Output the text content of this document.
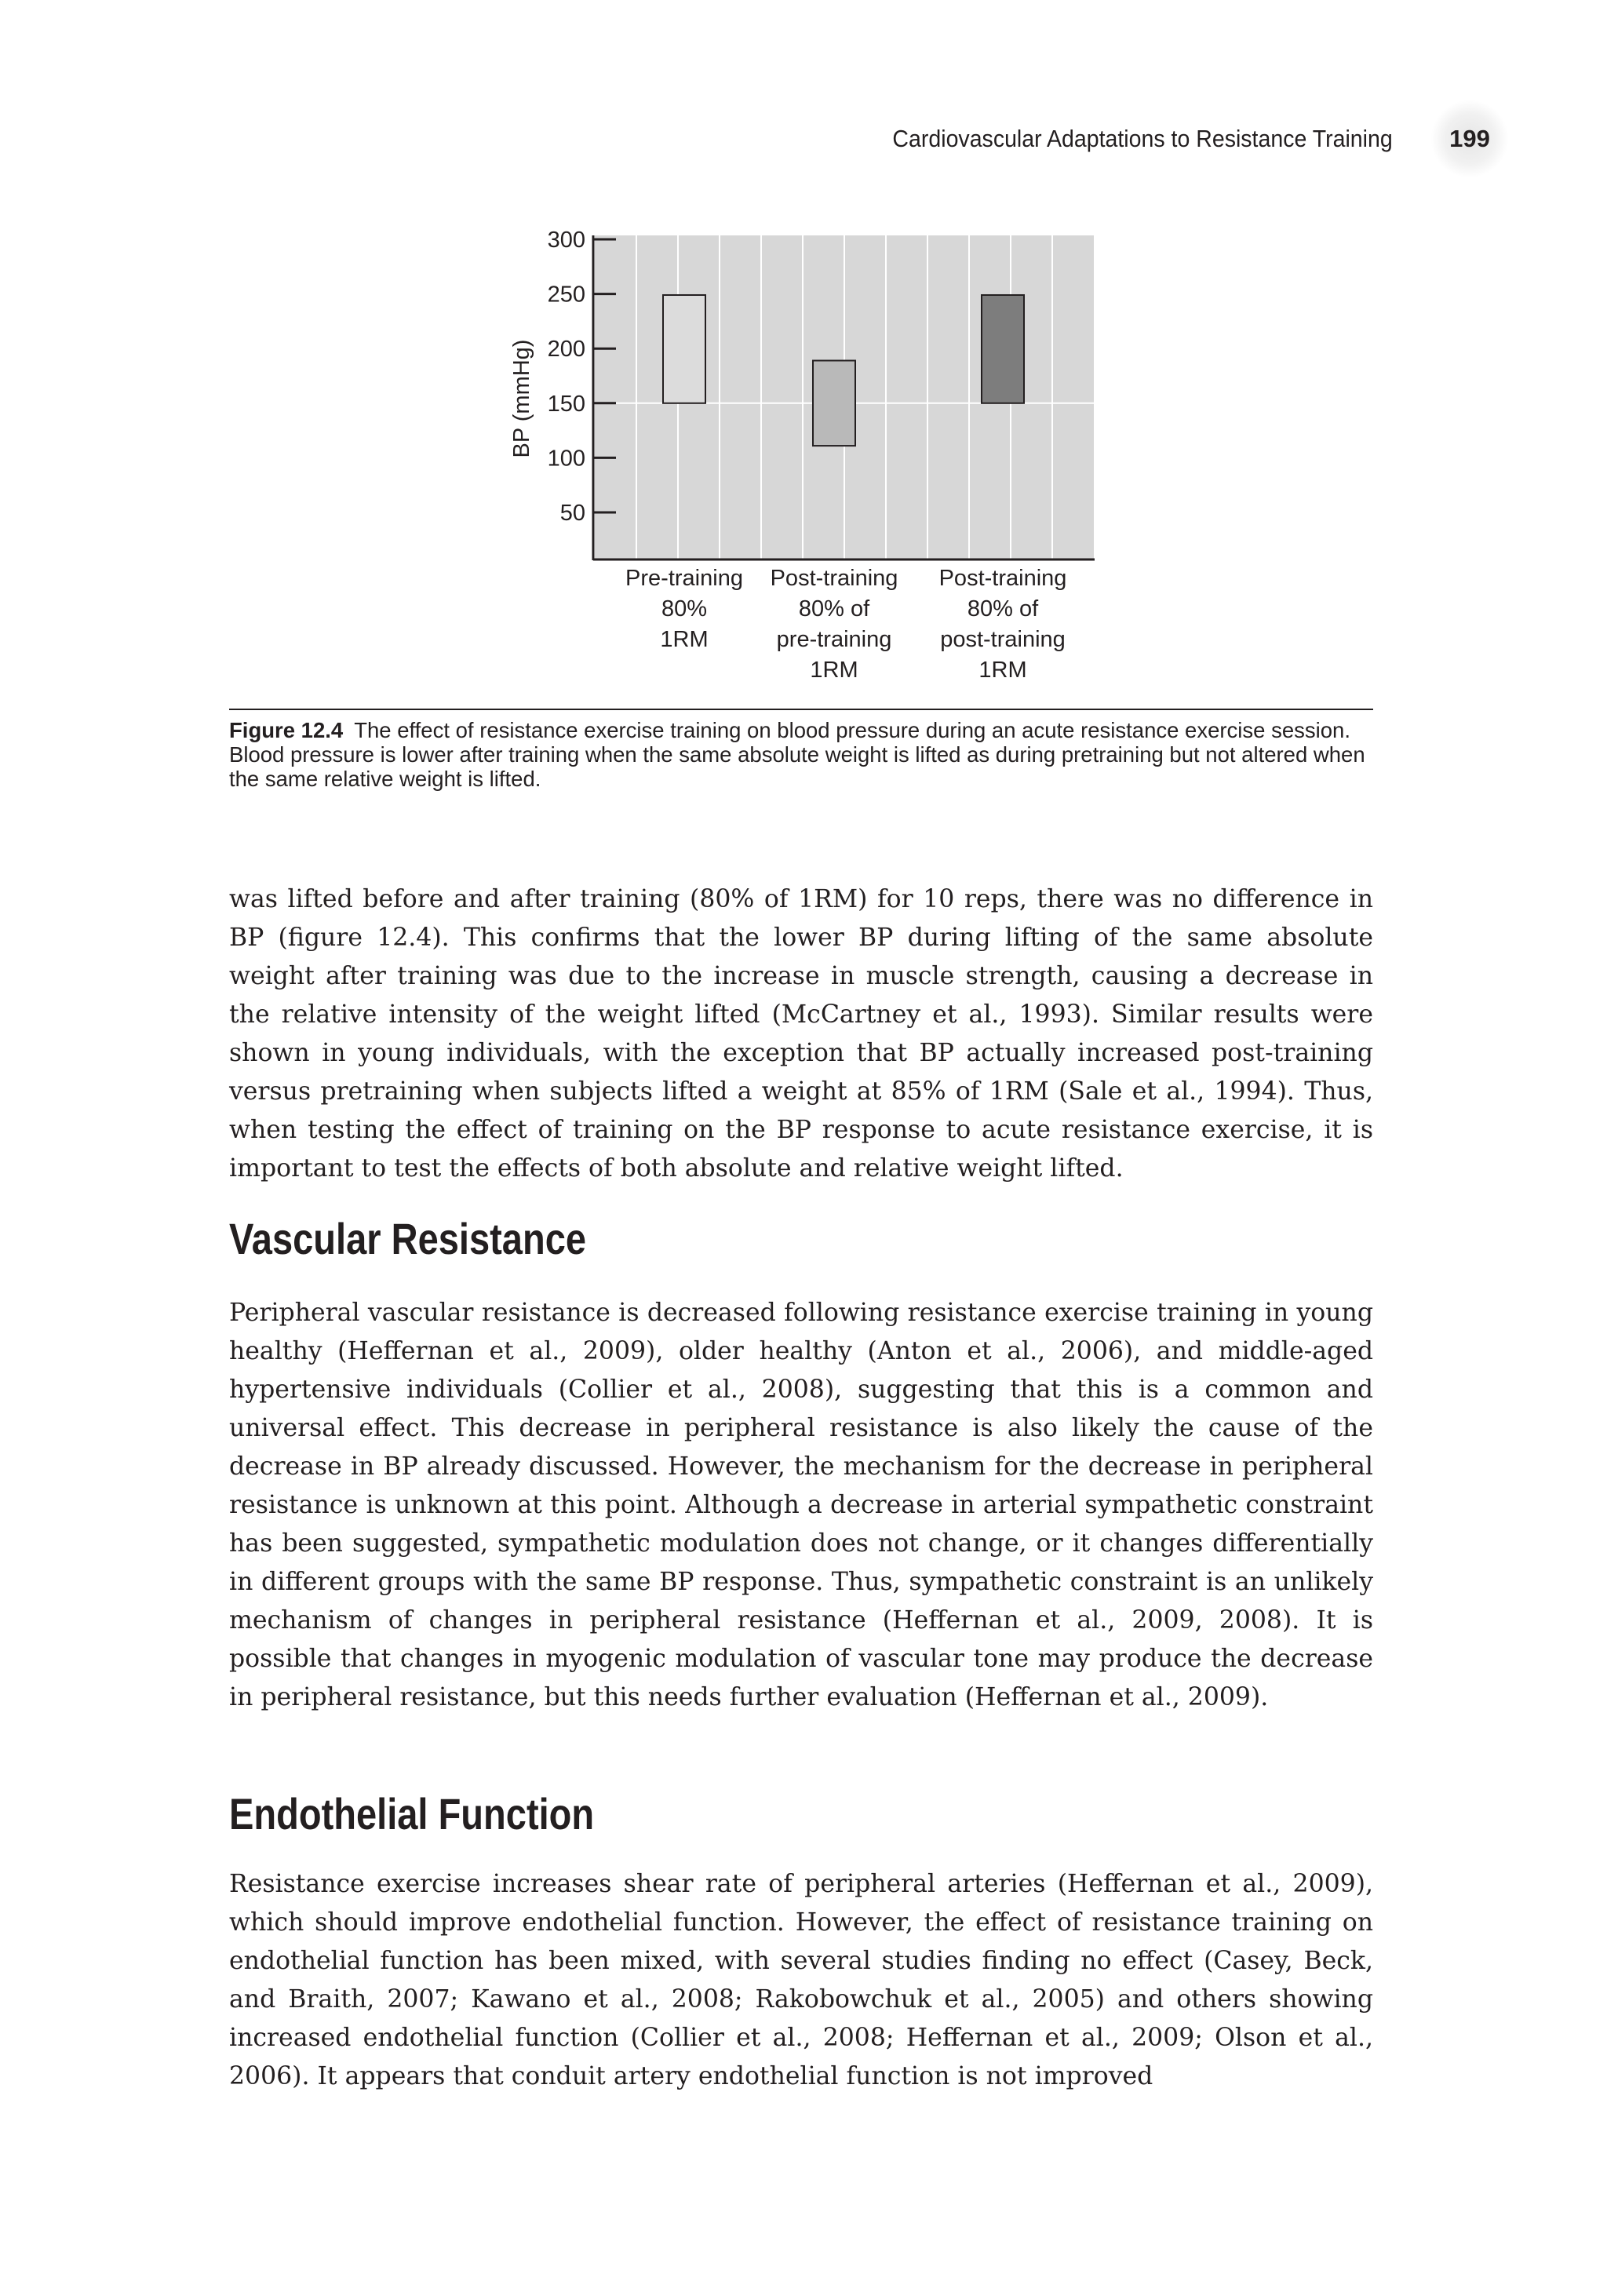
Cardiovascular Adaptations to Resistance Training	199
50
100
150
200
250
300
BP (mmHg)
Pre-training 80% 1RM
Post-training 80% of pre-training 1RM
Post-training 80% of post-training 1RM
Figure 12.4 The effect of resistance exercise training on blood pressure during an acute resistance exercise session. Blood pressure is lower after training when the same absolute weight is lifted as during pretraining but not altered when the same relative weight is lifted.

was lifted before and after training (80% of 1RM) for 10 reps, there was no difference in BP (figure 12.4). This confirms that the lower BP during lifting of the same absolute weight after training was due to the increase in muscle strength, causing a decrease in the relative intensity of the weight lifted (McCartney et al., 1993). Similar results were shown in young individuals, with the exception that BP actually increased post-training versus pretraining when subjects lifted a weight at 85% of 1RM (Sale et al., 1994). Thus, when testing the effect of training on the BP response to acute resistance exercise, it is important to test the effects of both absolute and relative weight lifted.

Vascular Resistance

Peripheral vascular resistance is decreased following resistance exercise training in young healthy (Heffernan et al., 2009), older healthy (Anton et al., 2006), and middle-aged hypertensive individuals (Collier et al., 2008), suggesting that this is a common and universal effect. This decrease in peripheral resistance is also likely the cause of the decrease in BP already discussed. However, the mechanism for the decrease in peripheral resistance is unknown at this point. Although a decrease in arterial sympathetic constraint has been suggested, sympathetic modulation does not change, or it changes differentially in different groups with the same BP response. Thus, sympathetic constraint is an unlikely mechanism of changes in peripheral resistance (Heffernan et al., 2009, 2008). It is possible that changes in myogenic modulation of vascular tone may produce the decrease in peripheral resistance, but this needs further evaluation (Heffernan et al., 2009).

Endothelial Function

Resistance exercise increases shear rate of peripheral arteries (Heffernan et al., 2009), which should improve endothelial function. However, the effect of resistance training on endothelial function has been mixed, with several studies finding no effect (Casey, Beck, and Braith, 2007; Kawano et al., 2008; Rakobowchuk et al., 2005) and others showing increased endothelial function (Collier et al., 2008; Heffernan et al., 2009; Olson et al., 2006). It appears that conduit artery endothelial function is not improved
